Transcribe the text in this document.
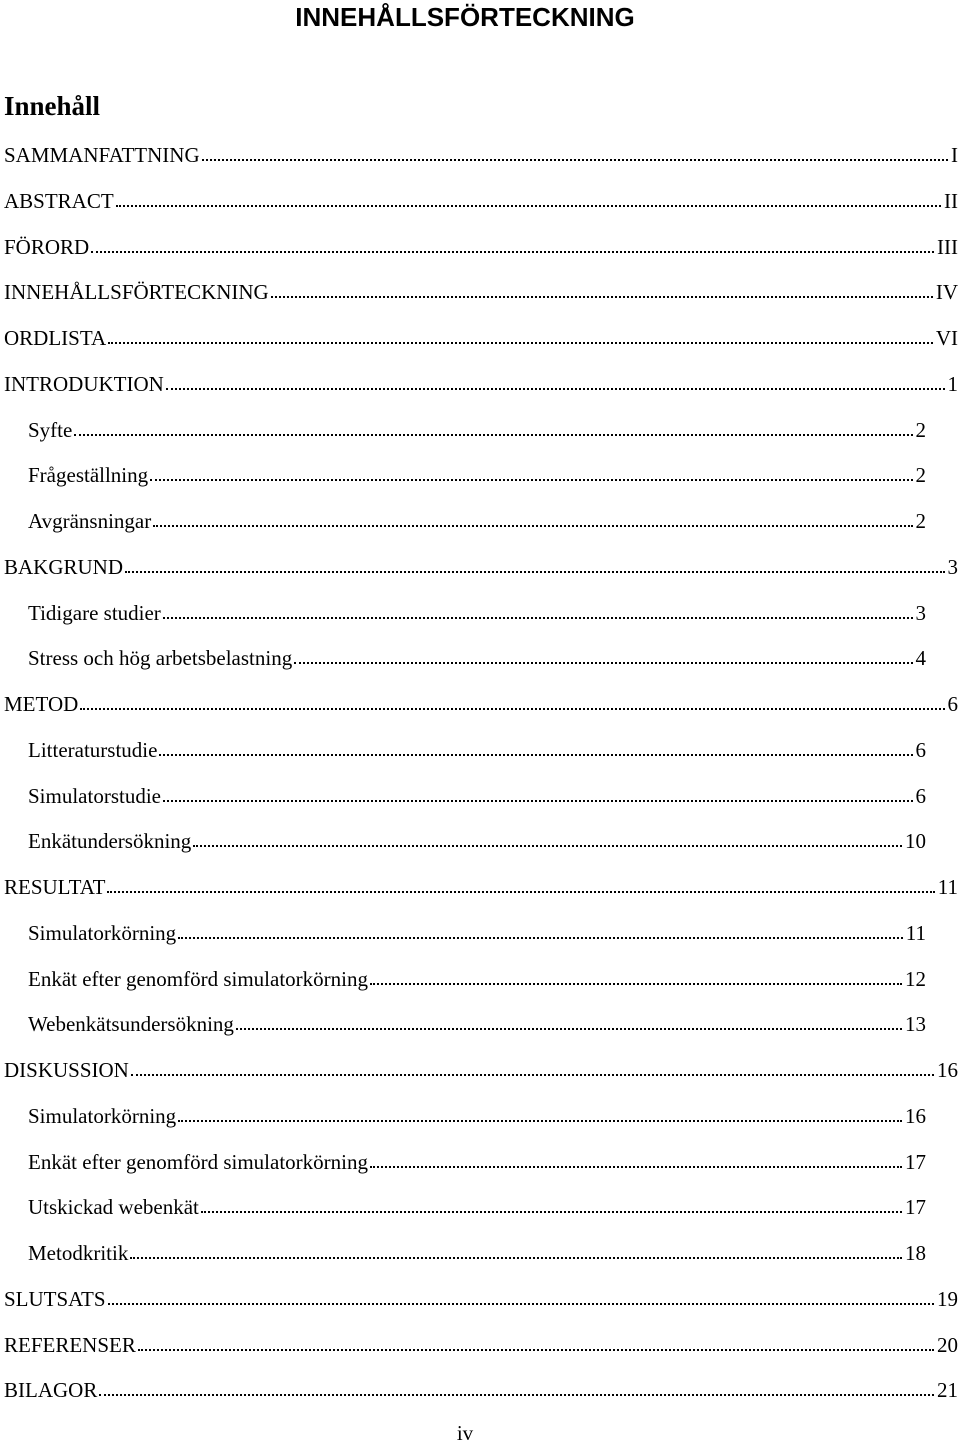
INNEHÅLLSFÖRTECKNING
Innehåll
SAMMANFATTNING	I
ABSTRACT	II
FÖRORD	III
INNEHÅLLSFÖRTECKNING	IV
ORDLISTA	VI
INTRODUKTION	1
Syfte	2
Frågeställning	2
Avgränsningar	2
BAKGRUND	3
Tidigare studier	3
Stress och hög arbetsbelastning	4
METOD	6
Litteraturstudie	6
Simulatorstudie	6
Enkätundersökning	10
RESULTAT	11
Simulatorkörning	11
Enkät efter genomförd simulatorkörning	12
Webenkätsundersökning	13
DISKUSSION	16
Simulatorkörning	16
Enkät efter genomförd simulatorkörning	17
Utskickad webenkät	17
Metodkritik	18
SLUTSATS	19
REFERENSER	20
BILAGOR	21
iv
